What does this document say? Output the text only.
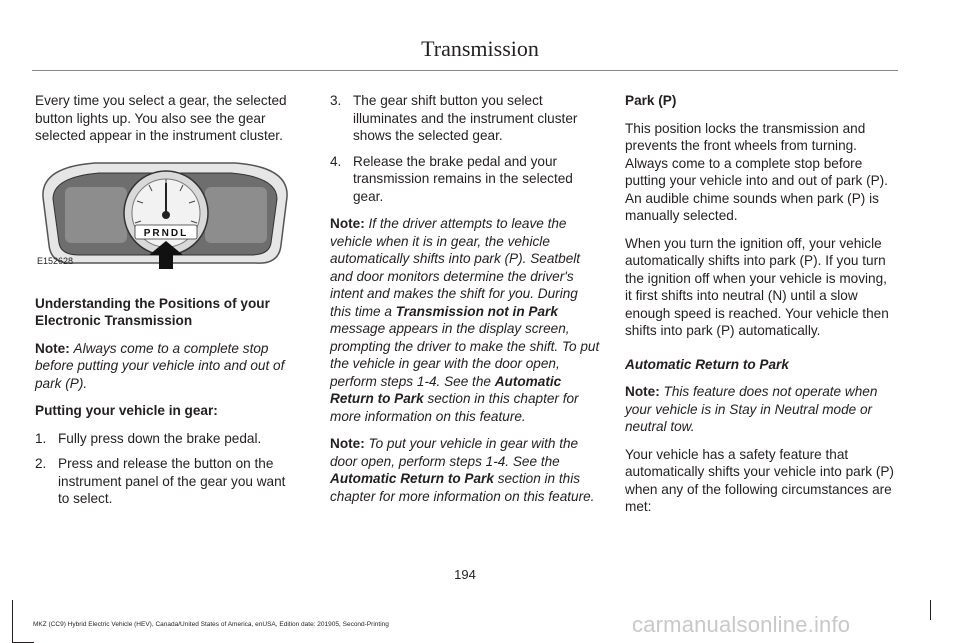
Transmission

Every time you select a gear, the selected button lights up. You also see the gear selected appear in the instrument cluster.

PRNDL
E152628

Understanding the Positions of your Electronic Transmission

Note: Always come to a complete stop before putting your vehicle into and out of park (P).

Putting your vehicle in gear:

1. Fully press down the brake pedal.
2. Press and release the button on the instrument panel of the gear you want to select.
3. The gear shift button you select illuminates and the instrument cluster shows the selected gear.
4. Release the brake pedal and your transmission remains in the selected gear.

Note: If the driver attempts to leave the vehicle when it is in gear, the vehicle automatically shifts into park (P). Seatbelt and door monitors determine the driver's intent and makes the shift for you. During this time a Transmission not in Park message appears in the display screen, prompting the driver to make the shift. To put the vehicle in gear with the door open, perform steps 1-4. See the Automatic Return to Park section in this chapter for more information on this feature.

Note: To put your vehicle in gear with the door open, perform steps 1-4. See the Automatic Return to Park section in this chapter for more information on this feature.

Park (P)

This position locks the transmission and prevents the front wheels from turning. Always come to a complete stop before putting your vehicle into and out of park (P). An audible chime sounds when park (P) is manually selected.

When you turn the ignition off, your vehicle automatically shifts into park (P). If you turn the ignition off when your vehicle is moving, it first shifts into neutral (N) until a slow enough speed is reached. Your vehicle then shifts into park (P) automatically.

Automatic Return to Park

Note: This feature does not operate when your vehicle is in Stay in Neutral mode or neutral tow.

Your vehicle has a safety feature that automatically shifts your vehicle into park (P) when any of the following circumstances are met:

194
MKZ (CC9) Hybrid Electric Vehicle (HEV), Canada/United States of America, enUSA, Edition date: 201905, Second-Printing	carmanualsonline.info
